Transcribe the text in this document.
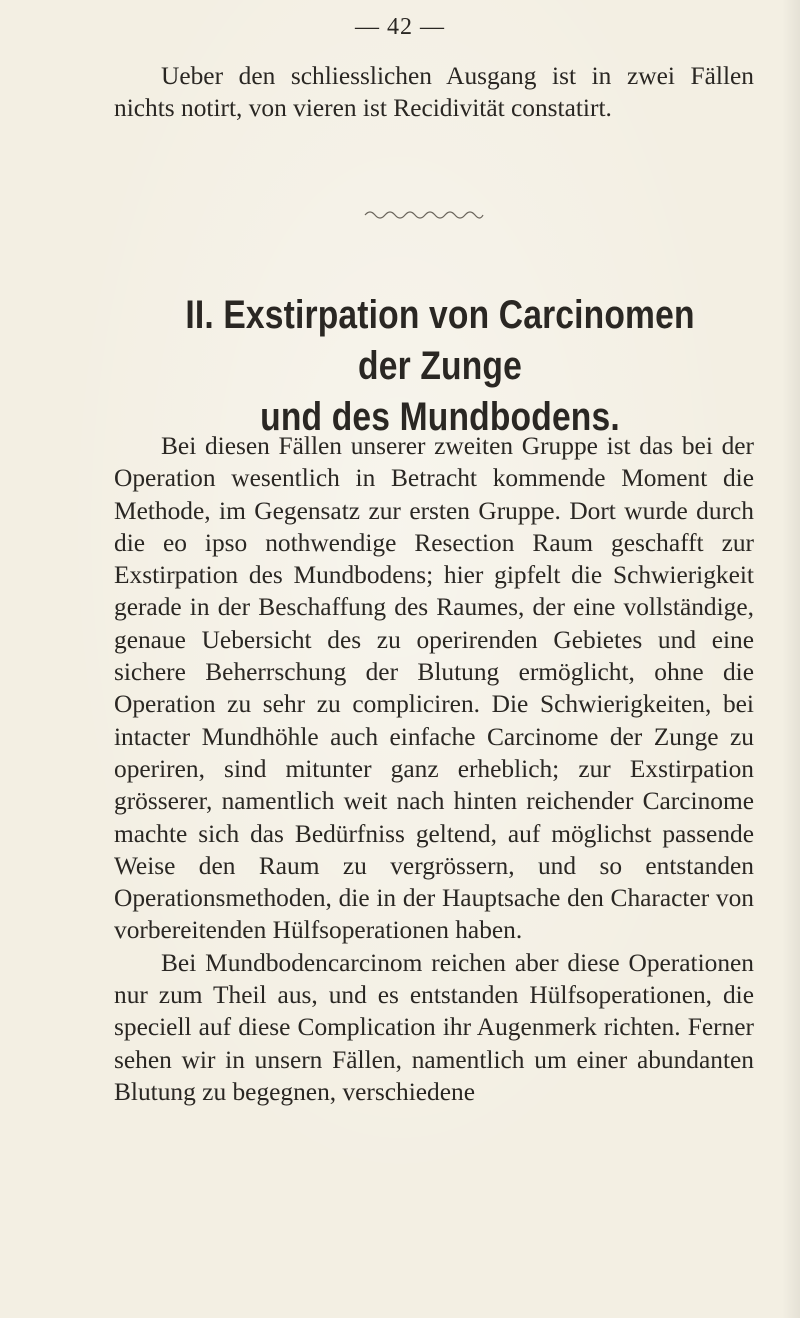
— 42 —

Ueber den schliesslichen Ausgang ist in zwei Fällen nichts notirt, von vieren ist Recidivität constatirt.

II. Exstirpation von Carcinomen der Zunge
und des Mundbodens.

Bei diesen Fällen unserer zweiten Gruppe ist das bei der Operation wesentlich in Betracht kommende Moment die Methode, im Gegensatz zur ersten Gruppe. Dort wurde durch die eo ipso nothwendige Resection Raum geschafft zur Exstirpation des Mundbodens; hier gipfelt die Schwierigkeit gerade in der Beschaffung des Raumes, der eine vollständige, genaue Uebersicht des zu operirenden Gebietes und eine sichere Beherrschung der Blutung ermöglicht, ohne die Operation zu sehr zu compliciren. Die Schwierigkeiten, bei intacter Mundhöhle auch einfache Carcinome der Zunge zu operiren, sind mitunter ganz erheblich; zur Exstirpation grösserer, namentlich weit nach hinten reichender Carcinome machte sich das Bedürfniss geltend, auf möglichst passende Weise den Raum zu vergrössern, und so entstanden Operationsmethoden, die in der Hauptsache den Character von vorbereitenden Hülfsoperationen haben.

Bei Mundbodencarcinom reichen aber diese Operationen nur zum Theil aus, und es entstanden Hülfsoperationen, die speciell auf diese Complication ihr Augenmerk richten. Ferner sehen wir in unsern Fällen, namentlich um einer abundanten Blutung zu begegnen, verschiedene
